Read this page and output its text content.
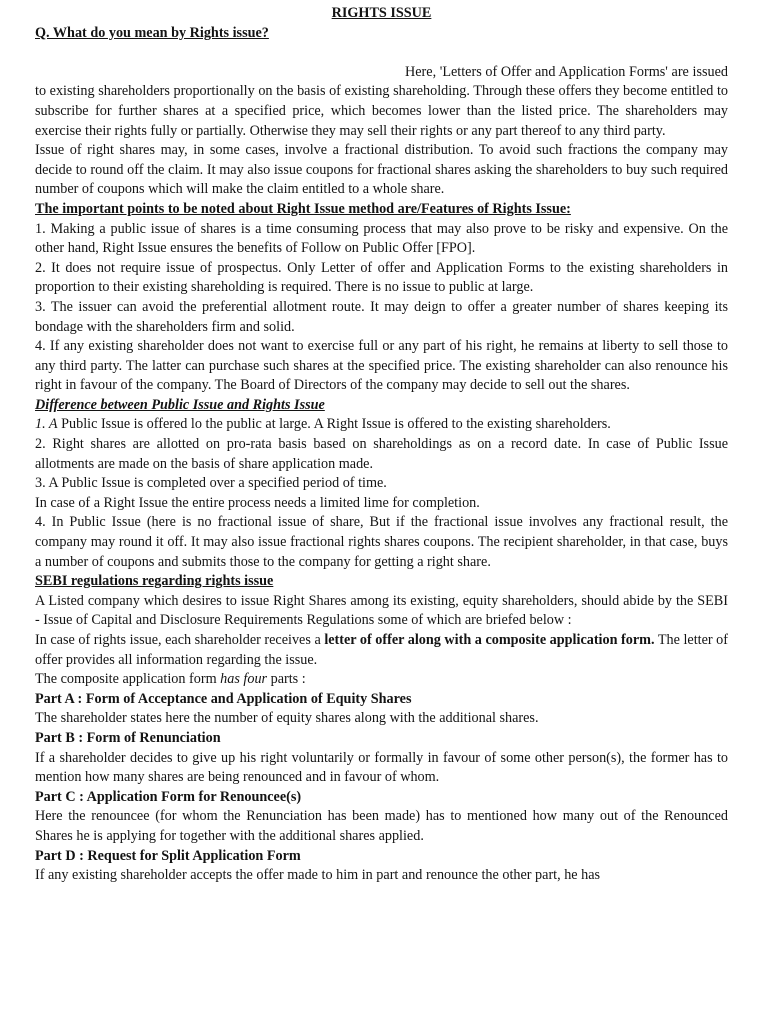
RIGHTS ISSUE

Q. What do you mean by Rights issue?

Here, 'Letters of Offer and Application Forms' are issued to existing shareholders proportionally on the basis of existing shareholding. Through these offers they become entitled to subscribe for further shares at a specified price, which becomes lower than the listed price. The shareholders may exercise their rights fully or partially. Otherwise they may sell their rights or any part thereof to any third party.

Issue of right shares may, in some cases, involve a fractional distribution. To avoid such fractions the company may decide to round off the claim. It may also issue coupons for fractional shares asking the shareholders to buy such required number of coupons which will make the claim entitled to a whole share.

The important points to be noted about Right Issue method are/Features of Rights Issue:

1. Making a public issue of shares is a time consuming process that may also prove to be risky and expensive. On the other hand, Right Issue ensures the benefits of Follow on Public Offer [FPO].

2. It does not require issue of prospectus. Only Letter of offer and Application Forms to the existing shareholders in proportion to their existing shareholding is required. There is no issue to public at large.

3. The issuer can avoid the preferential allotment route. It may deign to offer a greater number of shares keeping its bondage with the shareholders firm and solid.

4. If any existing shareholder does not want to exercise full or any part of his right, he remains at liberty to sell those to any third party. The latter can purchase such shares at the specified price. The existing shareholder can also renounce his right in favour of the company. The Board of Directors of the company may decide to sell out the shares.

Difference between Public Issue and Rights Issue

1. A Public Issue is offered lo the public at large. A Right Issue is offered to the existing shareholders.

2. Right shares are allotted on pro-rata basis based on shareholdings as on a record date. In case of Public Issue allotments are made on the basis of share application made.

3. A Public Issue is completed over a specified period of time.

In case of a Right Issue the entire process needs a limited lime for completion.

4. In Public Issue (here is no fractional issue of share, But if the fractional issue involves any fractional result, the company may round it off. It may also issue fractional rights shares coupons. The recipient shareholder, in that case, buys a number of coupons and submits those to the company for getting a right share.

SEBI regulations regarding rights issue

A Listed company which desires to issue Right Shares among its existing, equity shareholders, should abide by the SEBI - Issue of Capital and Disclosure Requirements Regulations some of which are briefed below :

In case of rights issue, each shareholder receives a letter of offer along with a composite application form. The letter of offer provides all information regarding the issue.

The composite application form has four parts :

Part A : Form of Acceptance and Application of Equity Shares

The shareholder states here the number of equity shares along with the additional shares.

Part B : Form of Renunciation

If a shareholder decides to give up his right voluntarily or formally in favour of some other person(s), the former has to mention how many shares are being renounced and in favour of whom.

Part C : Application Form for Renouncee(s)

Here the renouncee (for whom the Renunciation has been made) has to mentioned how many out of the Renounced Shares he is applying for together with the additional shares applied.

Part D : Request for Split Application Form

If any existing shareholder accepts the offer made to him in part and renounce the other part, he has
